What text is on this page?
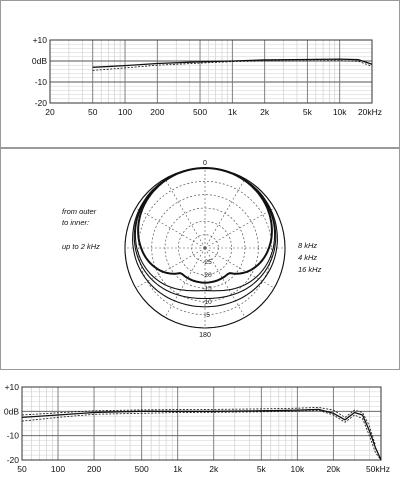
+10
0dB
-10
-20
20	50 100 200	500 1k	2k	5k 10k 20kHz
0
180
-25
-20
-15
-10
-5
from outer
to inner:
up to 2 kHz	8 kHz
4 kHz
16 kHz
+10
0dB
-10
-20
50	100	200	500	1k	2k	5k	10k	20k	50kHz
